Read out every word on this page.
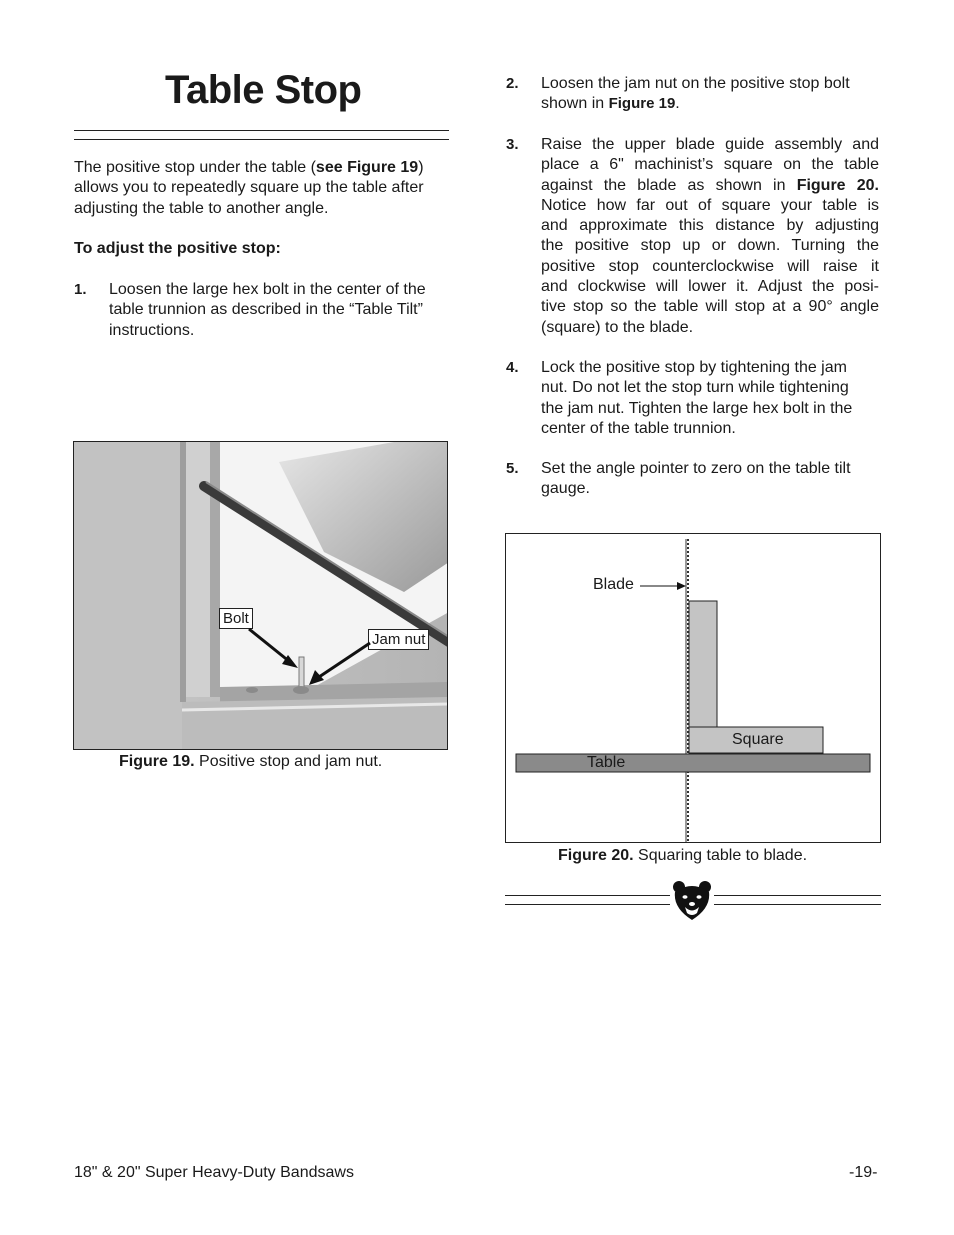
Table Stop
The positive stop under the table (see Figure 19)
allows you to repeatedly square up the table after
adjusting the table to another angle.
To adjust the positive stop:
1. Loosen the large hex bolt in the center of the
table trunnion as described in the “Table Tilt”
instructions.
Bolt
Jam nut
Figure 19. Positive stop and jam nut.
2. Loosen the jam nut on the positive stop bolt
shown in Figure 19.
3. Raise the upper blade guide assembly and
place a 6" machinist’s square on the table
against the blade as shown in Figure 20.
Notice how far out of square your table is
and approximate this distance by adjusting
the positive stop up or down. Turning the
positive stop counterclockwise will raise it
and clockwise will lower it. Adjust the posi-
tive stop so the table will stop at a 90° angle
(square) to the blade.
4. Lock the positive stop by tightening the jam
nut. Do not let the stop turn while tightening
the jam nut. Tighten the large hex bolt in the
center of the table trunnion.
5. Set the angle pointer to zero on the table tilt
gauge.
Blade
Square
Table
Figure 20. Squaring table to blade.
18" & 20" Super Heavy-Duty Bandsaws	-19-
